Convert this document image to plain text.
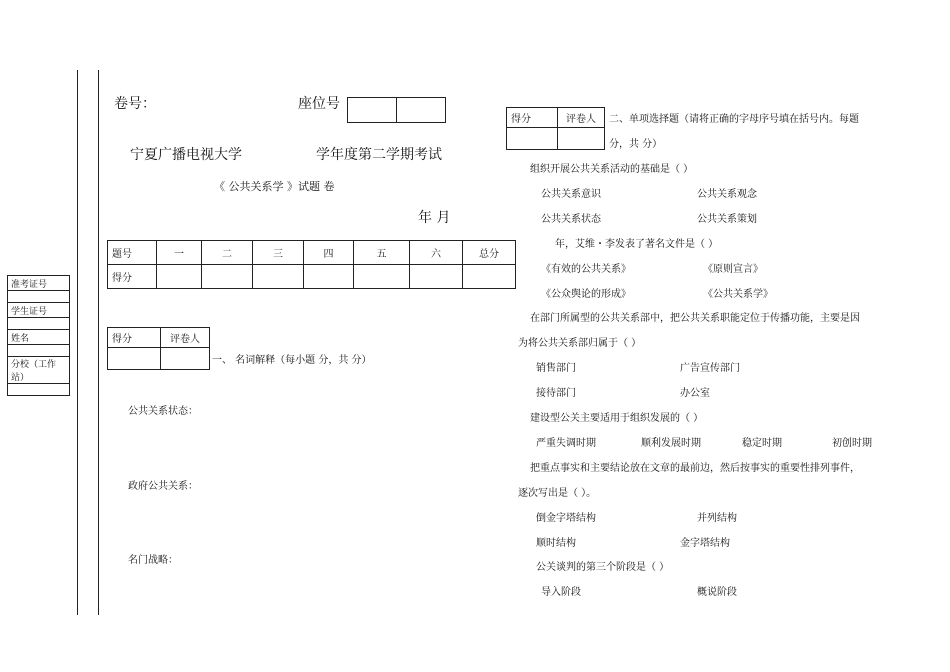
准考证号

学生证号

姓名

分校（工作站）

卷号：	座位号

宁夏广播电视大学	学年度第二学期考试
《 公共关系学 》试题 卷
年 月
题号	一	二	三	四	五	六	总分
得分							
得分	评卷人

一、 名词解释（每小题 分，共 分）
公共关系状态：
政府公共关系：
名门战略：
得分	评卷人
	二、单项选择题（请将正确的字母序号填在括号内。每题
分，共 分）
组织开展公共关系活动的基础是（ ）
公共关系意识	公共关系观念
公共关系状态	公共关系策划
年，艾维・李发表了著名文件是（ ）
《有效的公共关系》	《原则宣言》
《公众舆论的形成》	《公共关系学》
在部门所属型的公共关系部中，把公共关系职能定位于传播功能，主要是因
为将公共关系部归属于（ ）
销售部门	广告宣传部门
接待部门	办公室
建设型公关主要适用于组织发展的（ ）
严重失调时期	顺利发展时期	稳定时期	初创时期
把重点事实和主要结论放在文章的最前边，然后按事实的重要性排列事件，
逐次写出是（ ）。
倒金字塔结构	并列结构
顺时结构	金字塔结构
公关谈判的第三个阶段是（ ）
导入阶段	概说阶段
